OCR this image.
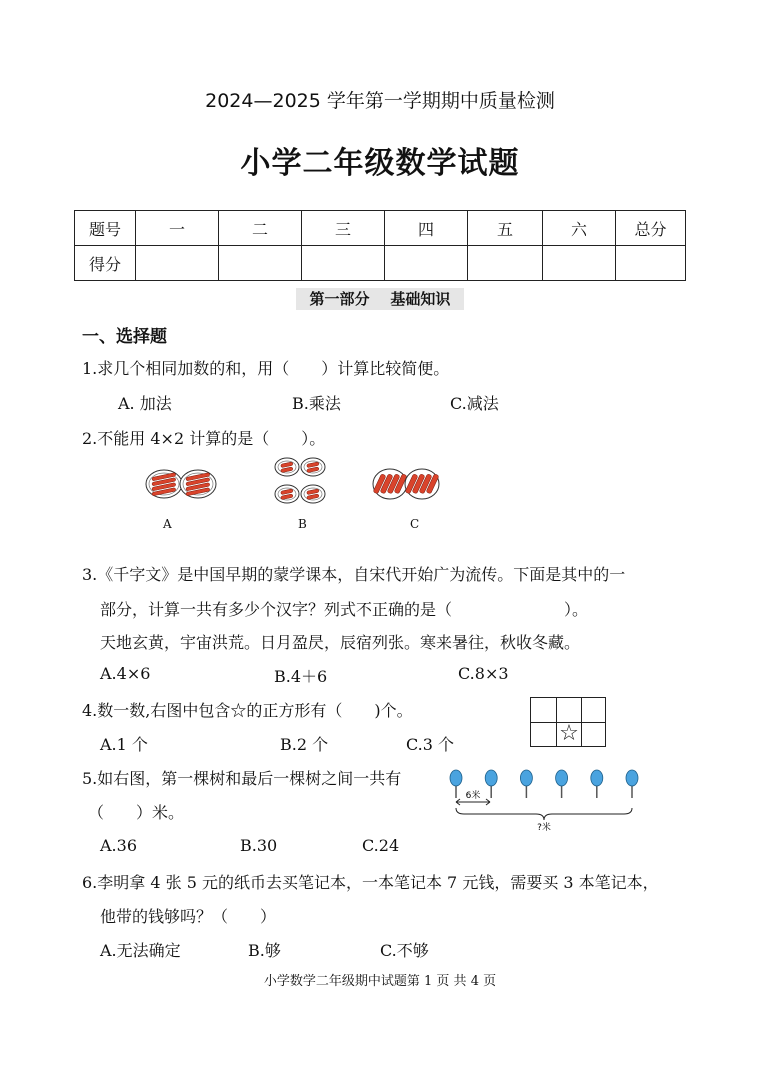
2024—2025 学年第一学期期中质量检测
小学二年级数学试题
题号	一	二	三	四	五	六	总分
得分							
第一部分    基础知识
一、选择题
1.求几个相同加数的和，用（　　）计算比较简便。
A. 加法	B.乘法	C.减法
2.不能用 4×2 计算的是（　　）。
A	B	C
3.《千字文》是中国早期的蒙学课本，自宋代开始广为流传。下面是其中的一
部分，计算一共有多少个汉字？列式不正确的是（　　　　　　　）。
天地玄黄，宇宙洪荒。日月盈昃，辰宿列张。寒来暑往，秋收冬藏。
A.4×6	B.4＋6	C.8×3
4.数一数,右图中包含☆的正方形有（　　)个。
A.1 个	B.2 个	C.3 个	☆
5.如右图，第一棵树和最后一棵树之间一共有
（　　）米。
A.36	B.30	C.24
6米
?米
6.李明拿 4 张 5 元的纸币去买笔记本，一本笔记本 7 元钱，需要买 3 本笔记本，
他带的钱够吗？（　　）
A.无法确定	B.够	C.不够
小学数学二年级期中试题第 1 页 共 4 页
